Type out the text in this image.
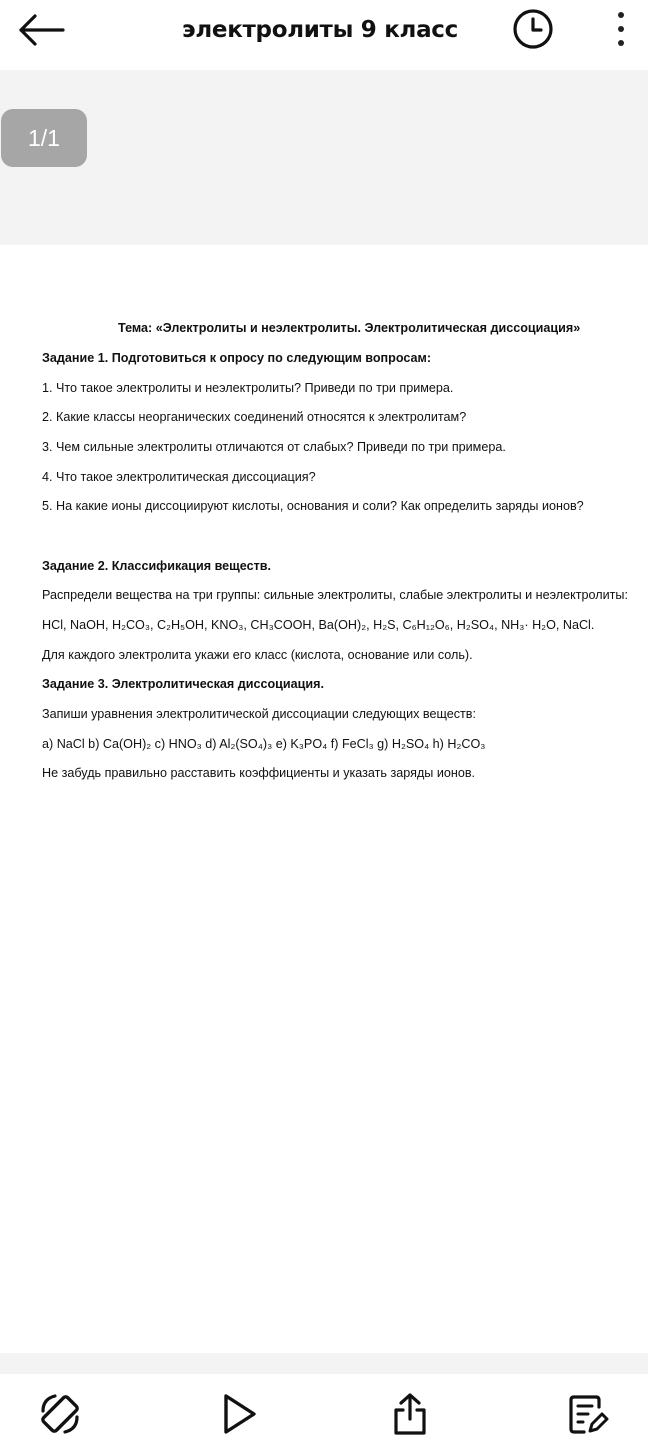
электролиты 9 класс
1/1
Тема: «Электролиты и неэлектролиты. Электролитическая диссоциация»
Задание 1. Подготовиться к опросу по следующим вопросам:
1. Что такое электролиты и неэлектролиты? Приведи по три примера.
2. Какие классы неорганических соединений относятся к электролитам?
3. Чем сильные электролиты отличаются от слабых? Приведи по три примера.
4. Что такое электролитическая диссоциация?
5. На какие ионы диссоциируют кислоты, основания и соли? Как определить заряды ионов?
Задание 2. Классификация веществ.
Распредели вещества на три группы: сильные электролиты, слабые электролиты и неэлектролиты:
HCl, NaOH, H₂CO₃, C₂H₅OH, KNO₃, CH₃COOH, Ba(OH)₂, H₂S, C₆H₁₂O₆, H₂SO₄, NH₃· H₂O, NaCl.
Для каждого электролита укажи его класс (кислота, основание или соль).
Задание 3. Электролитическая диссоциация.
Запиши уравнения электролитической диссоциации следующих веществ:
a) NaCl b) Ca(OH)₂ c) HNO₃ d) Al₂(SO₄)₃ e) K₃PO₄ f) FeCl₃ g) H₂SO₄ h) H₂CO₃
Не забудь правильно расставить коэффициенты и указать заряды ионов.
